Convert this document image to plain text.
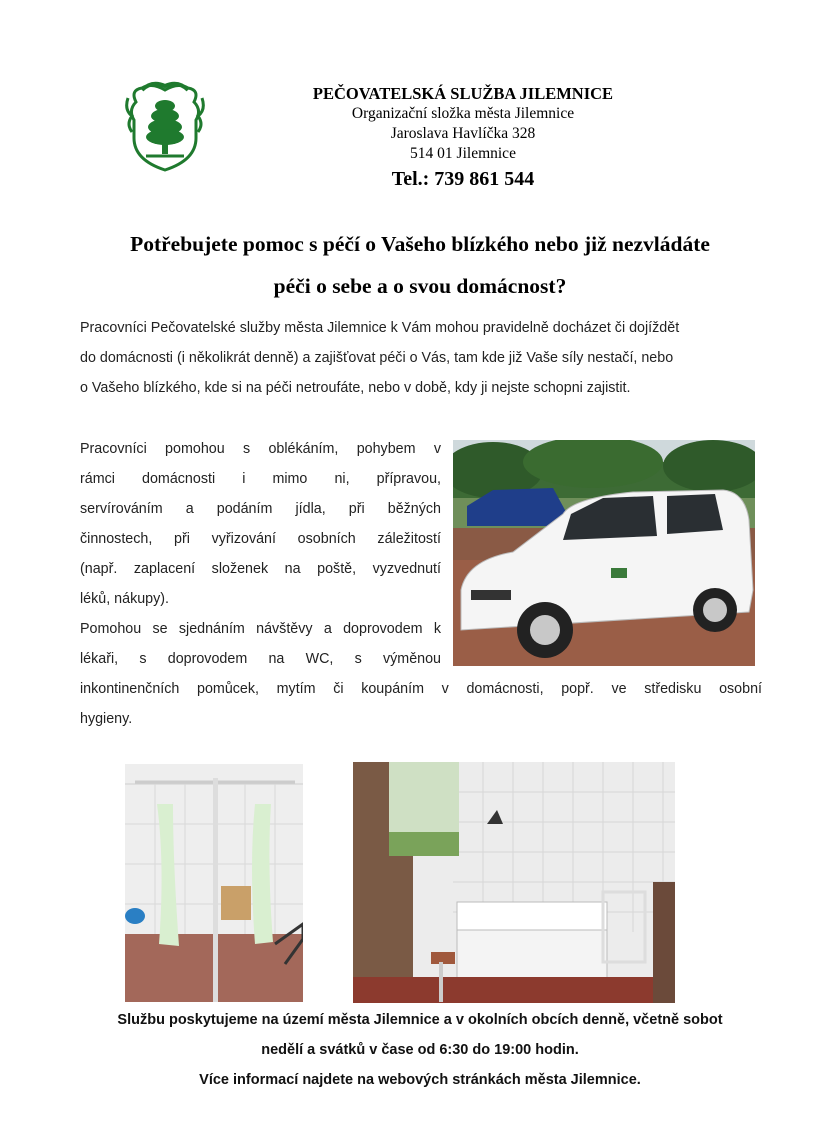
PEČOVATELSKÁ SLUŽBA JILEMNICE
Organizační složka města Jilemnice
Jaroslava Havlíčka 328
514 01 Jilemnice
Tel.: 739 861 544
Potřebujete pomoc s péčí o Vašeho blízkého nebo již nezvládáte
péči o sebe a o svou domácnost?
Pracovníci Pečovatelské služby města Jilemnice k Vám mohou pravidelně docházet či dojíždět
do domácnosti (i několikrát denně) a zajišťovat péči o Vás, tam kde již Vaše síly nestačí, nebo
o Vašeho blízkého, kde si na péči netroufáte, nebo v době, kdy ji nejste schopni zajistit.
Pracovníci pomohou s oblékáním, pohybem v
rámci domácnosti i mimo ni, přípravou,
servírováním a podáním jídla, při běžných
činnostech, při vyřizování osobních záležitostí
(např. zaplacení složenek na poště, vyzvednutí
léků, nákupy).
Pomohou se sjednáním návštěvy a doprovodem k
lékaři, s doprovodem na WC, s výměnou
inkontinenčních pomůcek, mytím či koupáním v domácnosti, popř. ve středisku osobní
hygieny.
Službu poskytujeme na území města Jilemnice a v okolních obcích denně, včetně sobot
nedělí a svátků v čase od 6:30 do 19:00 hodin.
Více informací najdete na webových stránkách města Jilemnice.
